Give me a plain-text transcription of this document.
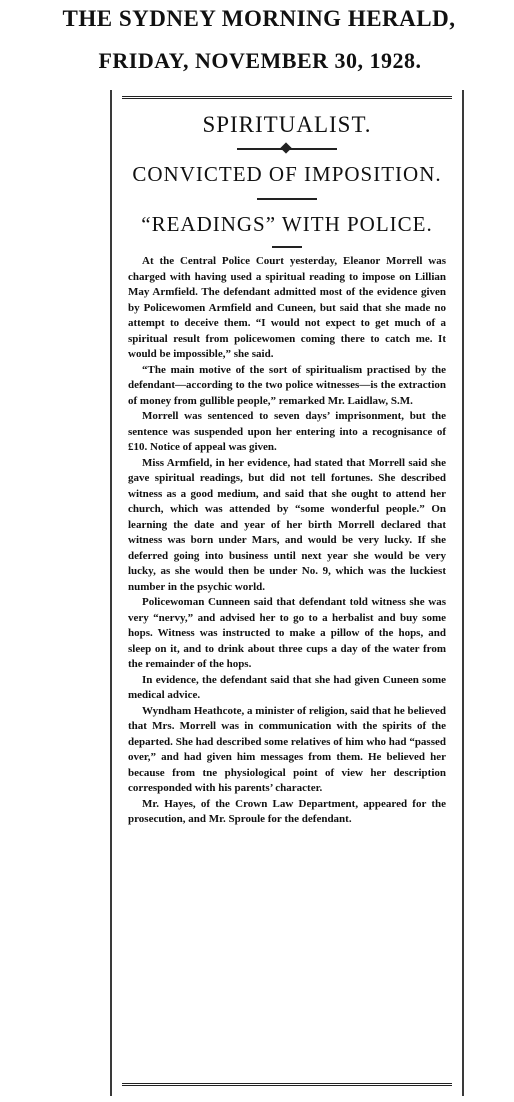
THE SYDNEY MORNING HERALD,
FRIDAY, NOVEMBER 30, 1928.
SPIRITUALIST.
CONVICTED OF IMPOSITION.
“READINGS” WITH POLICE.

At the Central Police Court yesterday, Eleanor Morrell was charged with having used a spiritual reading to impose on Lillian May Armfield. The defendant admitted most of the evidence given by Policewomen Armfield and Cuneen, but said that she made no attempt to deceive them. “I would not expect to get much of a spiritual result from policewomen coming there to catch me. It would be impossible,” she said.

“The main motive of the sort of spiritualism practised by the defendant—according to the two police witnesses—is the extraction of money from gullible people,” remarked Mr. Laidlaw, S.M.

Morrell was sentenced to seven days’ imprisonment, but the sentence was suspended upon her entering into a recognisance of £10. Notice of appeal was given.

Miss Armfield, in her evidence, had stated that Morrell said she gave spiritual readings, but did not tell fortunes. She described witness as a good medium, and said that she ought to attend her church, which was attended by “some wonderful people.” On learning the date and year of her birth Morrell declared that witness was born under Mars, and would be very lucky. If she deferred going into business until next year she would be very lucky, as she would then be under No. 9, which was the luckiest number in the psychic world.

Policewoman Cunneen said that defendant told witness she was very “nervy,” and advised her to go to a herbalist and buy some hops. Witness was instructed to make a pillow of the hops, and sleep on it, and to drink about three cups a day of the water from the remainder of the hops.

In evidence, the defendant said that she had given Cuneen some medical advice.

Wyndham Heathcote, a minister of religion, said that he believed that Mrs. Morrell was in communication with the spirits of the departed. She had described some relatives of him who had “passed over,” and had given him messages from them. He believed her because from tne physiological point of view her description corresponded with his parents’ character.

Mr. Hayes, of the Crown Law Department, appeared for the prosecution, and Mr. Sproule for the defendant.
